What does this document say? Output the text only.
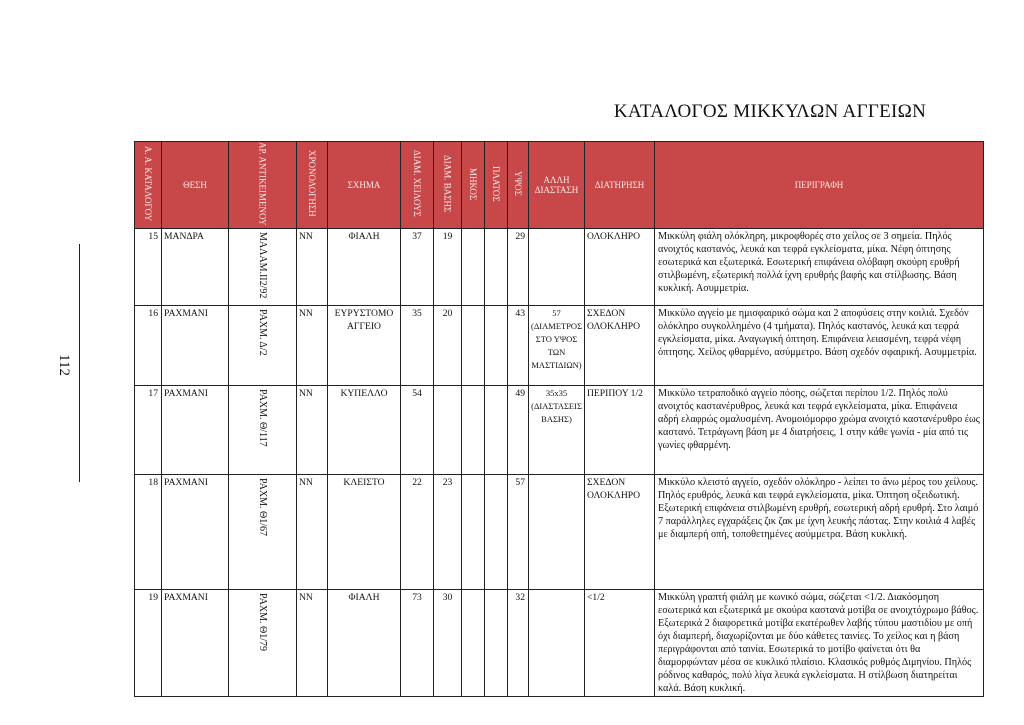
ΚΑΤΑΛΟΓΟΣ ΜΙΚΚΥΛΩΝ ΑΓΓΕΙΩΝ
112
Α. Α. ΚΑΤΑΛΟΓΟΥ	ΘΕΣΗ	ΑΡ. ΑΝΤΙΚΕΙΜΕΝΟΥ	ΧΡΟΝΟΛΟΓΗΣΗ	ΣΧΗΜΑ	ΔΙΑΜ. ΧΕΙΛΟΥΣ	ΔΙΑΜ. ΒΑΣΗΣ	ΜΗΚΟΣ	ΠΛΑΤΟΣ	ΥΨΟΣ	ΑΛΛΗ ΔΙΑΣΤΑΣΗ	ΔΙΑΤΗΡΗΣΗ	ΠΕΡΙΓΡΑΦΗ
15	ΜΑΝΔΡΑ	ΜΑΛΑΜ.ΙΙ2/92	ΝΝ	ΦΙΑΛΗ	37	19			29		ΟΛΟΚΛΗΡΟ	Μικκύλη φιάλη ολόκληρη, μικροφθορές στο χείλος σε 3 σημεία. Πηλός ανοιχτός καστανός, λευκά και τεφρά εγκλείσματα, μίκα. Νέφη όπτησης εσωτερικά και εξωτερικά. Εσωτερική επιφάνεια ολόβαφη σκούρη ερυθρή στιλβωμένη, εξωτερική πολλά ίχνη ερυθρής βαφής και στίλβωσης. Βάση κυκλική. Ασυμμετρία.
16	ΡΑΧΜΑΝΙ	ΡΑΧΜ. Δ/2	ΝΝ	ΕΥΡΥΣΤΟΜΟ ΑΓΓΕΙΟ	35	20			43	57 (ΔΙΑΜΕΤΡΟΣ ΣΤΟ ΥΨΟΣ ΤΩΝ ΜΑΣΤΙΔΙΩΝ)	ΣΧΕΔΟΝ ΟΛΟΚΛΗΡΟ	Μικκύλο αγγείο με ημισφαιρικό σώμα και 2 αποφύσεις στην κοιλιά. Σχεδόν ολόκληρο συγκολλημένο (4 τμήματα). Πηλός καστανός, λευκά και τεφρά εγκλείσματα, μίκα. Αναγωγική όπτηση. Επιφάνεια λειασμένη, τεφρά νέφη όπτησης. Χείλος φθαρμένο, ασύμμετρο. Βάση σχεδόν σφαιρική. Ασυμμετρία.
17	ΡΑΧΜΑΝΙ	ΡΑΧΜ. Θ/117	ΝΝ	ΚΥΠΕΛΛΟ	54				49	35x35 (ΔΙΑΣΤΑΣΕΙΣ ΒΑΣΗΣ)	ΠΕΡΙΠΟΥ 1/2	Μικκύλο τετραποδικό αγγείο πόσης, σώζεται περίπου 1/2. Πηλός πολύ ανοιχτός καστανέρυθρος, λευκά και τεφρά εγκλείσματα, μίκα. Επιφάνεια αδρή ελαφρώς ομαλυσμένη. Ανομοιόμορφο χρώμα ανοιχτό καστανέρυθρο έως καστανό. Τετράγωνη βάση με 4 διατρήσεις, 1 στην κάθε γωνία - μία από τις γωνίες φθαρμένη.
18	ΡΑΧΜΑΝΙ	ΡΑΧΜ. Θ1/67	ΝΝ	ΚΛΕΙΣΤΟ	22	23			57		ΣΧΕΔΟΝ ΟΛΟΚΛΗΡΟ	Μικκύλο κλειστό αγγείο, σχεδόν ολόκληρο - λείπει το άνω μέρος του χείλους. Πηλός ερυθρός, λευκά και τεφρά εγκλείσματα, μίκα. Όπτηση οξειδωτική. Εξωτερική επιφάνεια στιλβωμένη ερυθρή, εσωτερική αδρή ερυθρή. Στο λαιμό 7 παράλληλες εγχαράξεις ζικ ζακ με ίχνη λευκής πάστας. Στην κοιλιά 4 λαβές με διαμπερή οπή, τοποθετημένες ασύμμετρα. Βάση κυκλική.
19	ΡΑΧΜΑΝΙ	ΡΑΧΜ. Θ1/79	ΝΝ	ΦΙΑΛΗ	73	30			32		<1/2	Μικκύλη γραπτή φιάλη με κωνικό σώμα, σώζεται <1/2. Διακόσμηση εσωτερικά και εξωτερικά με σκούρα καστανά μοτίβα σε ανοιχτόχρωμο βάθος. Εξωτερικά 2 διαφορετικά μοτίβα εκατέρωθεν λαβής τύπου μαστιδίου με οπή όχι διαμπερή, διαχωρίζονται με δύο κάθετες ταινίες. Το χείλος και η βάση περιγράφονται από ταινία. Εσωτερικά το μοτίβο φαίνεται ότι θα διαμορφώνταν μέσα σε κυκλικό πλαίσιο. Κλασικός ρυθμός Διμηνίου. Πηλός ρόδινος καθαρός, πολύ λίγα λευκά εγκλείσματα. Η στίλβωση διατηρείται καλά. Βάση κυκλική.
